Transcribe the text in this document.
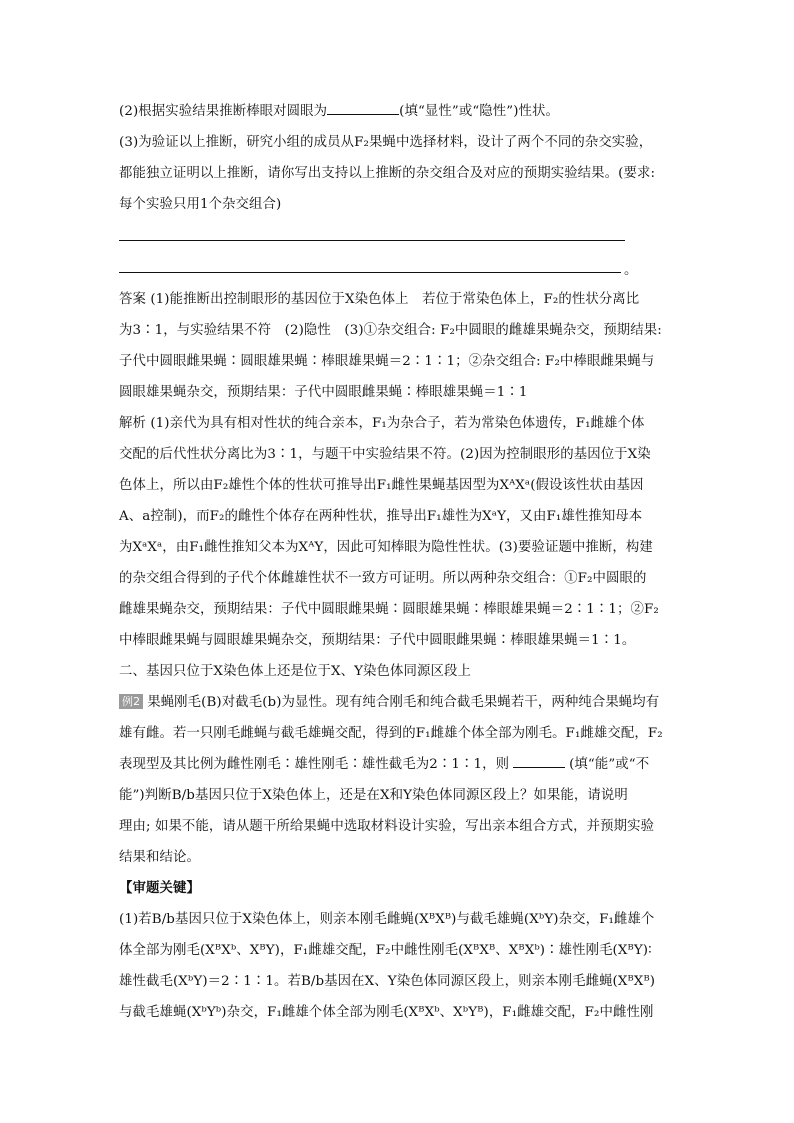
(2)根据实验结果推断棒眼对圆眼为	(填“显性”或“隐性”)性状。
(3)为验证以上推断，研究小组的成员从F₂果蝇中选择材料，设计了两个不同的杂交实验，
都能独立证明以上推断，请你写出支持以上推断的杂交组合及对应的预期实验结果。(要求:
每个实验只用1个杂交组合)
。
答案 (1)能推断出控制眼形的基因位于X染色体上　若位于常染色体上，F₂的性状分离比
为3∶1，与实验结果不符　(2)隐性　(3)①杂交组合: F₂中圆眼的雌雄果蝇杂交，预期结果:
子代中圆眼雌果蝇∶圆眼雄果蝇∶棒眼雄果蝇＝2∶1∶1；②杂交组合: F₂中棒眼雌果蝇与
圆眼雄果蝇杂交，预期结果：子代中圆眼雌果蝇∶棒眼雄果蝇＝1∶1
解析 (1)亲代为具有相对性状的纯合亲本，F₁为杂合子，若为常染色体遗传，F₁雌雄个体
交配的后代性状分离比为3∶1，与题干中实验结果不符。(2)因为控制眼形的基因位于X染
色体上，所以由F₂雄性个体的性状可推导出F₁雌性果蝇基因型为XᴬXᵃ(假设该性状由基因
A、a控制)，而F₂的雌性个体存在两种性状，推导出F₁雄性为XᵃY，又由F₁雄性推知母本
为XᵃXᵃ，由F₁雌性推知父本为XᴬY，因此可知棒眼为隐性性状。(3)要验证题中推断，构建
的杂交组合得到的子代个体雌雄性状不一致方可证明。所以两种杂交组合：①F₂中圆眼的
雌雄果蝇杂交，预期结果：子代中圆眼雌果蝇∶圆眼雄果蝇∶棒眼雄果蝇＝2∶1∶1；②F₂
中棒眼雌果蝇与圆眼雄果蝇杂交，预期结果：子代中圆眼雌果蝇∶棒眼雄果蝇＝1∶1。
二、基因只位于X染色体上还是位于X、Y染色体同源区段上
例2 果蝇刚毛(B)对截毛(b)为显性。现有纯合刚毛和纯合截毛果蝇若干，两种纯合果蝇均有
雄有雌。若一只刚毛雌蝇与截毛雄蝇交配，得到的F₁雌雄个体全部为刚毛。F₁雌雄交配，F₂
表现型及其比例为雌性刚毛∶雄性刚毛∶雄性截毛为2∶1∶1，则	(填“能”或“不
能”)判断B/b基因只位于X染色体上，还是在X和Y染色体同源区段上？如果能，请说明
理由; 如果不能，请从题干所给果蝇中选取材料设计实验，写出亲本组合方式，并预期实验
结果和结论。
【审题关键】
(1)若B/b基因只位于X染色体上，则亲本刚毛雌蝇(XᴮXᴮ)与截毛雄蝇(XᵇY)杂交，F₁雌雄个
体全部为刚毛(XᴮXᵇ、XᴮY)，F₁雌雄交配，F₂中雌性刚毛(XᴮXᴮ、XᴮXᵇ)∶雄性刚毛(XᴮY)∶
雄性截毛(XᵇY)＝2∶1∶1。若B/b基因在X、Y染色体同源区段上，则亲本刚毛雌蝇(XᴮXᴮ)
与截毛雄蝇(XᵇYᵇ)杂交，F₁雌雄个体全部为刚毛(XᴮXᵇ、XᵇYᴮ)，F₁雌雄交配，F₂中雌性刚
